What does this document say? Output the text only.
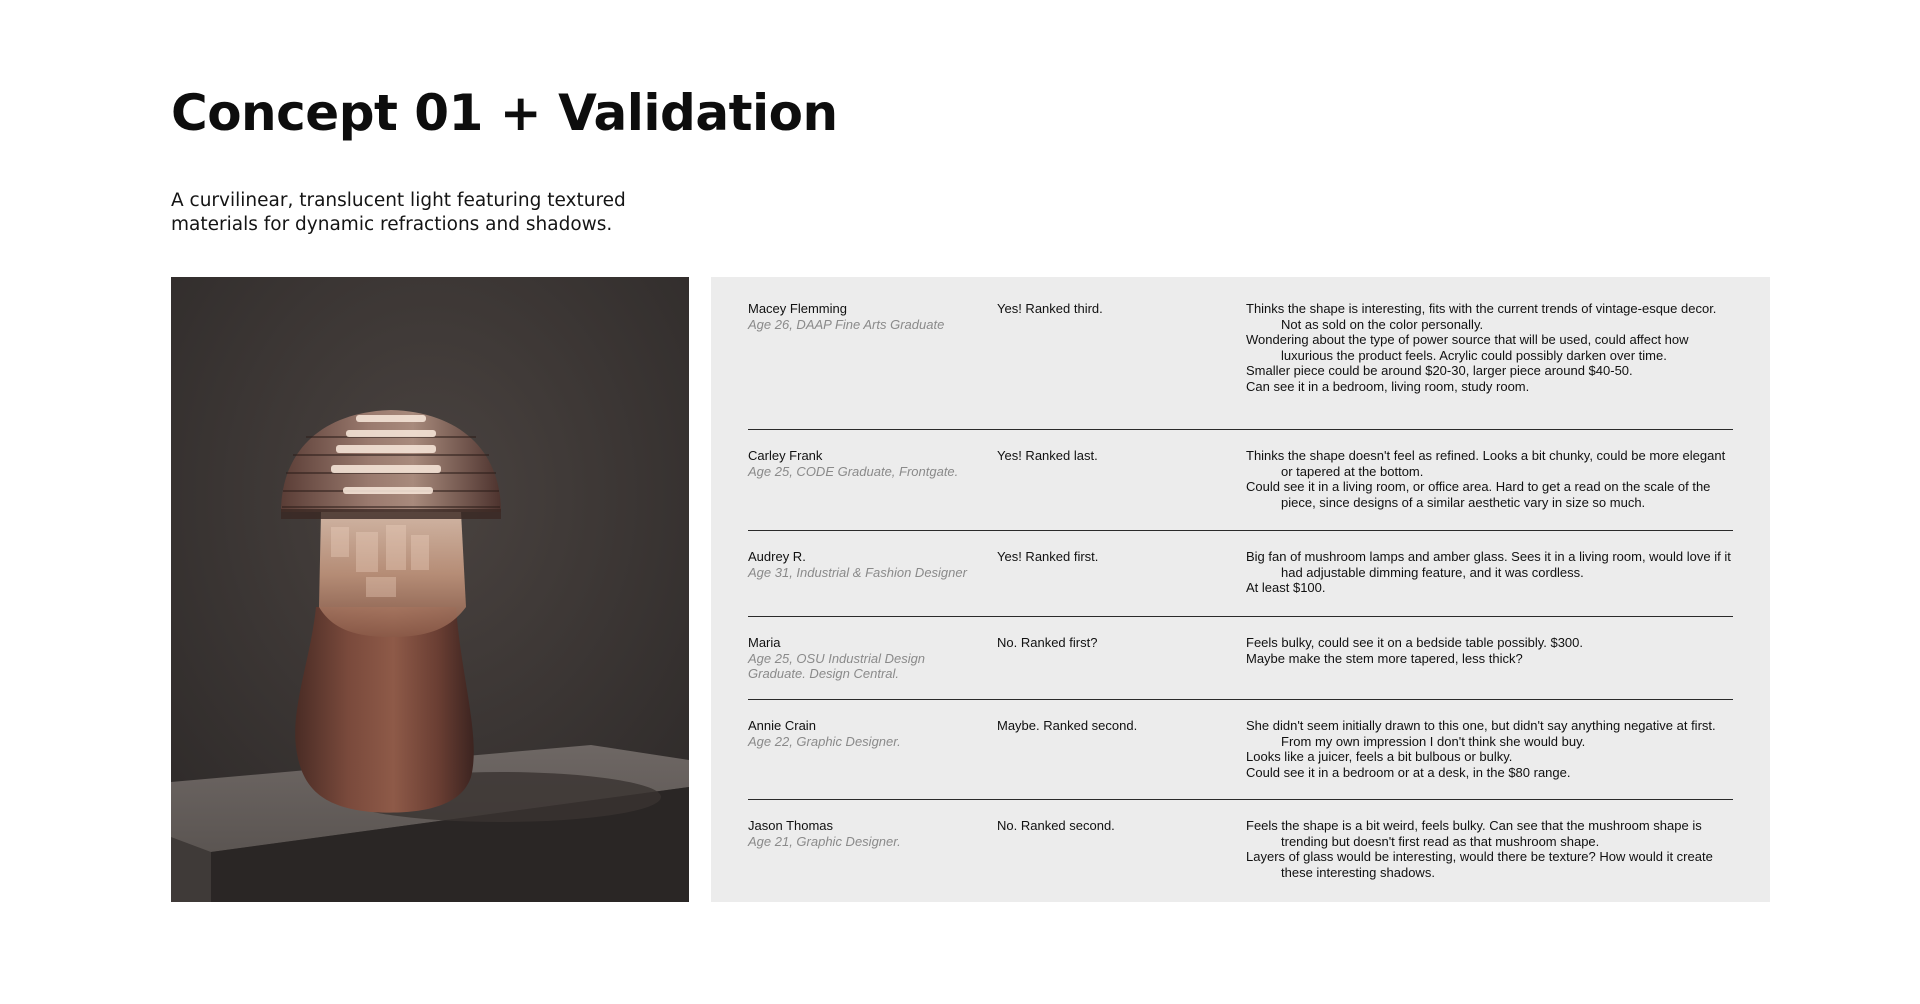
Concept 01 + Validation

A curvilinear, translucent light featuring textured materials for dynamic refractions and shadows.

Macey Flemming
Age 26, DAAP Fine Arts Graduate
Yes! Ranked third.	Thinks the shape is interesting, fits with the current trends of vintage-esque decor. Not as sold on the color personally.
Wondering about the type of power source that will be used, could affect how luxurious the product feels. Acrylic could possibly darken over time.
Smaller piece could be around $20-30, larger piece around $40-50.
Can see it in a bedroom, living room, study room.
Carley Frank
Age 25, CODE Graduate, Frontgate.
Yes! Ranked last.	Thinks the shape doesn't feel as refined. Looks a bit chunky, could be more elegant or tapered at the bottom.
Could see it in a living room, or office area. Hard to get a read on the scale of the piece, since designs of a similar aesthetic vary in size so much.
Audrey R.
Age 31, Industrial & Fashion Designer
Yes! Ranked first.	Big fan of mushroom lamps and amber glass. Sees it in a living room, would love if it had adjustable dimming feature, and it was cordless.
At least $100.
Maria
Age 25, OSU Industrial Design Graduate. Design Central.
No. Ranked first?	Feels bulky, could see it on a bedside table possibly. $300.
Maybe make the stem more tapered, less thick?
Annie Crain
Age 22, Graphic Designer.
Maybe. Ranked second.	She didn't seem initially drawn to this one, but didn't say anything negative at first. From my own impression I don't think she would buy.
Looks like a juicer, feels a bit bulbous or bulky.
Could see it in a bedroom or at a desk, in the $80 range.
Jason Thomas
Age 21, Graphic Designer.
No. Ranked second.	Feels the shape is a bit weird, feels bulky. Can see that the mushroom shape is trending but doesn't first read as that mushroom shape.
Layers of glass would be interesting, would there be texture? How would it create these interesting shadows.
